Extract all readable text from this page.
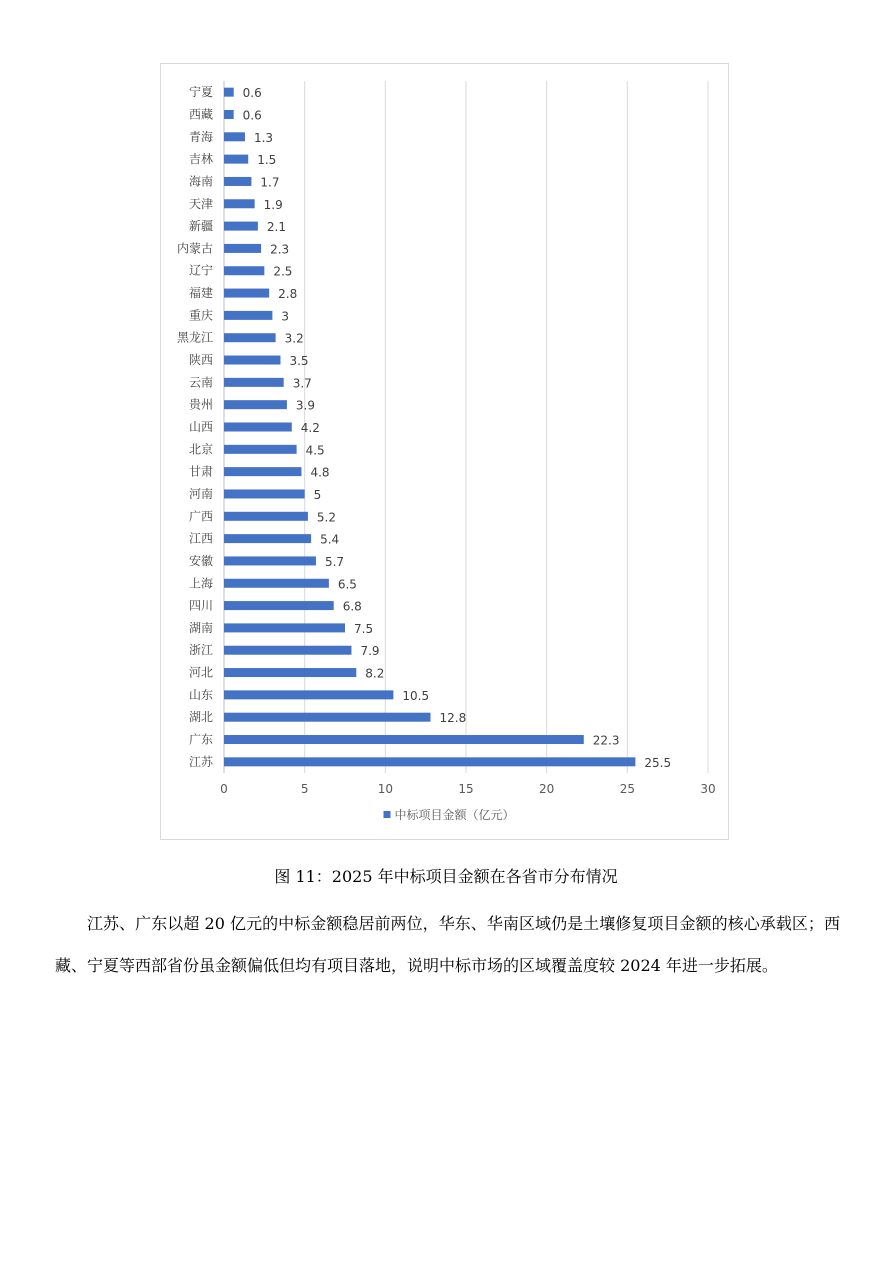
0	5	10	15	20	25	30
宁夏 0.6
西藏 0.6
青海	1.3
吉林	1.5
海南	1.7
天津	1.9
新疆	2.1
内蒙古	2.3
辽宁	2.5
福建	2.8
重庆	3
黑龙江	3.2
陕西	3.5
云南	3.7
贵州	3.9
山西	4.2
北京	4.5
甘肃	4.8
河南	5
广西	5.2
江西	5.4
安徽	5.7
上海	6.5
四川	6.8
湖南	7.5
浙江	7.9
河北	8.2
山东	10.5
湖北	12.8
广东	22.3
江苏	25.5
中标项目金额（亿元）
图 11：2025 年中标项目金额在各省市分布情况

江苏、广东以超 20 亿元的中标金额稳居前两位，华东、华南区域仍是土壤修复项目金额的核心承载区；西藏、宁夏等西部省份虽金额偏低但均有项目落地，说明中标市场的区域覆盖度较 2024 年进一步拓展。
